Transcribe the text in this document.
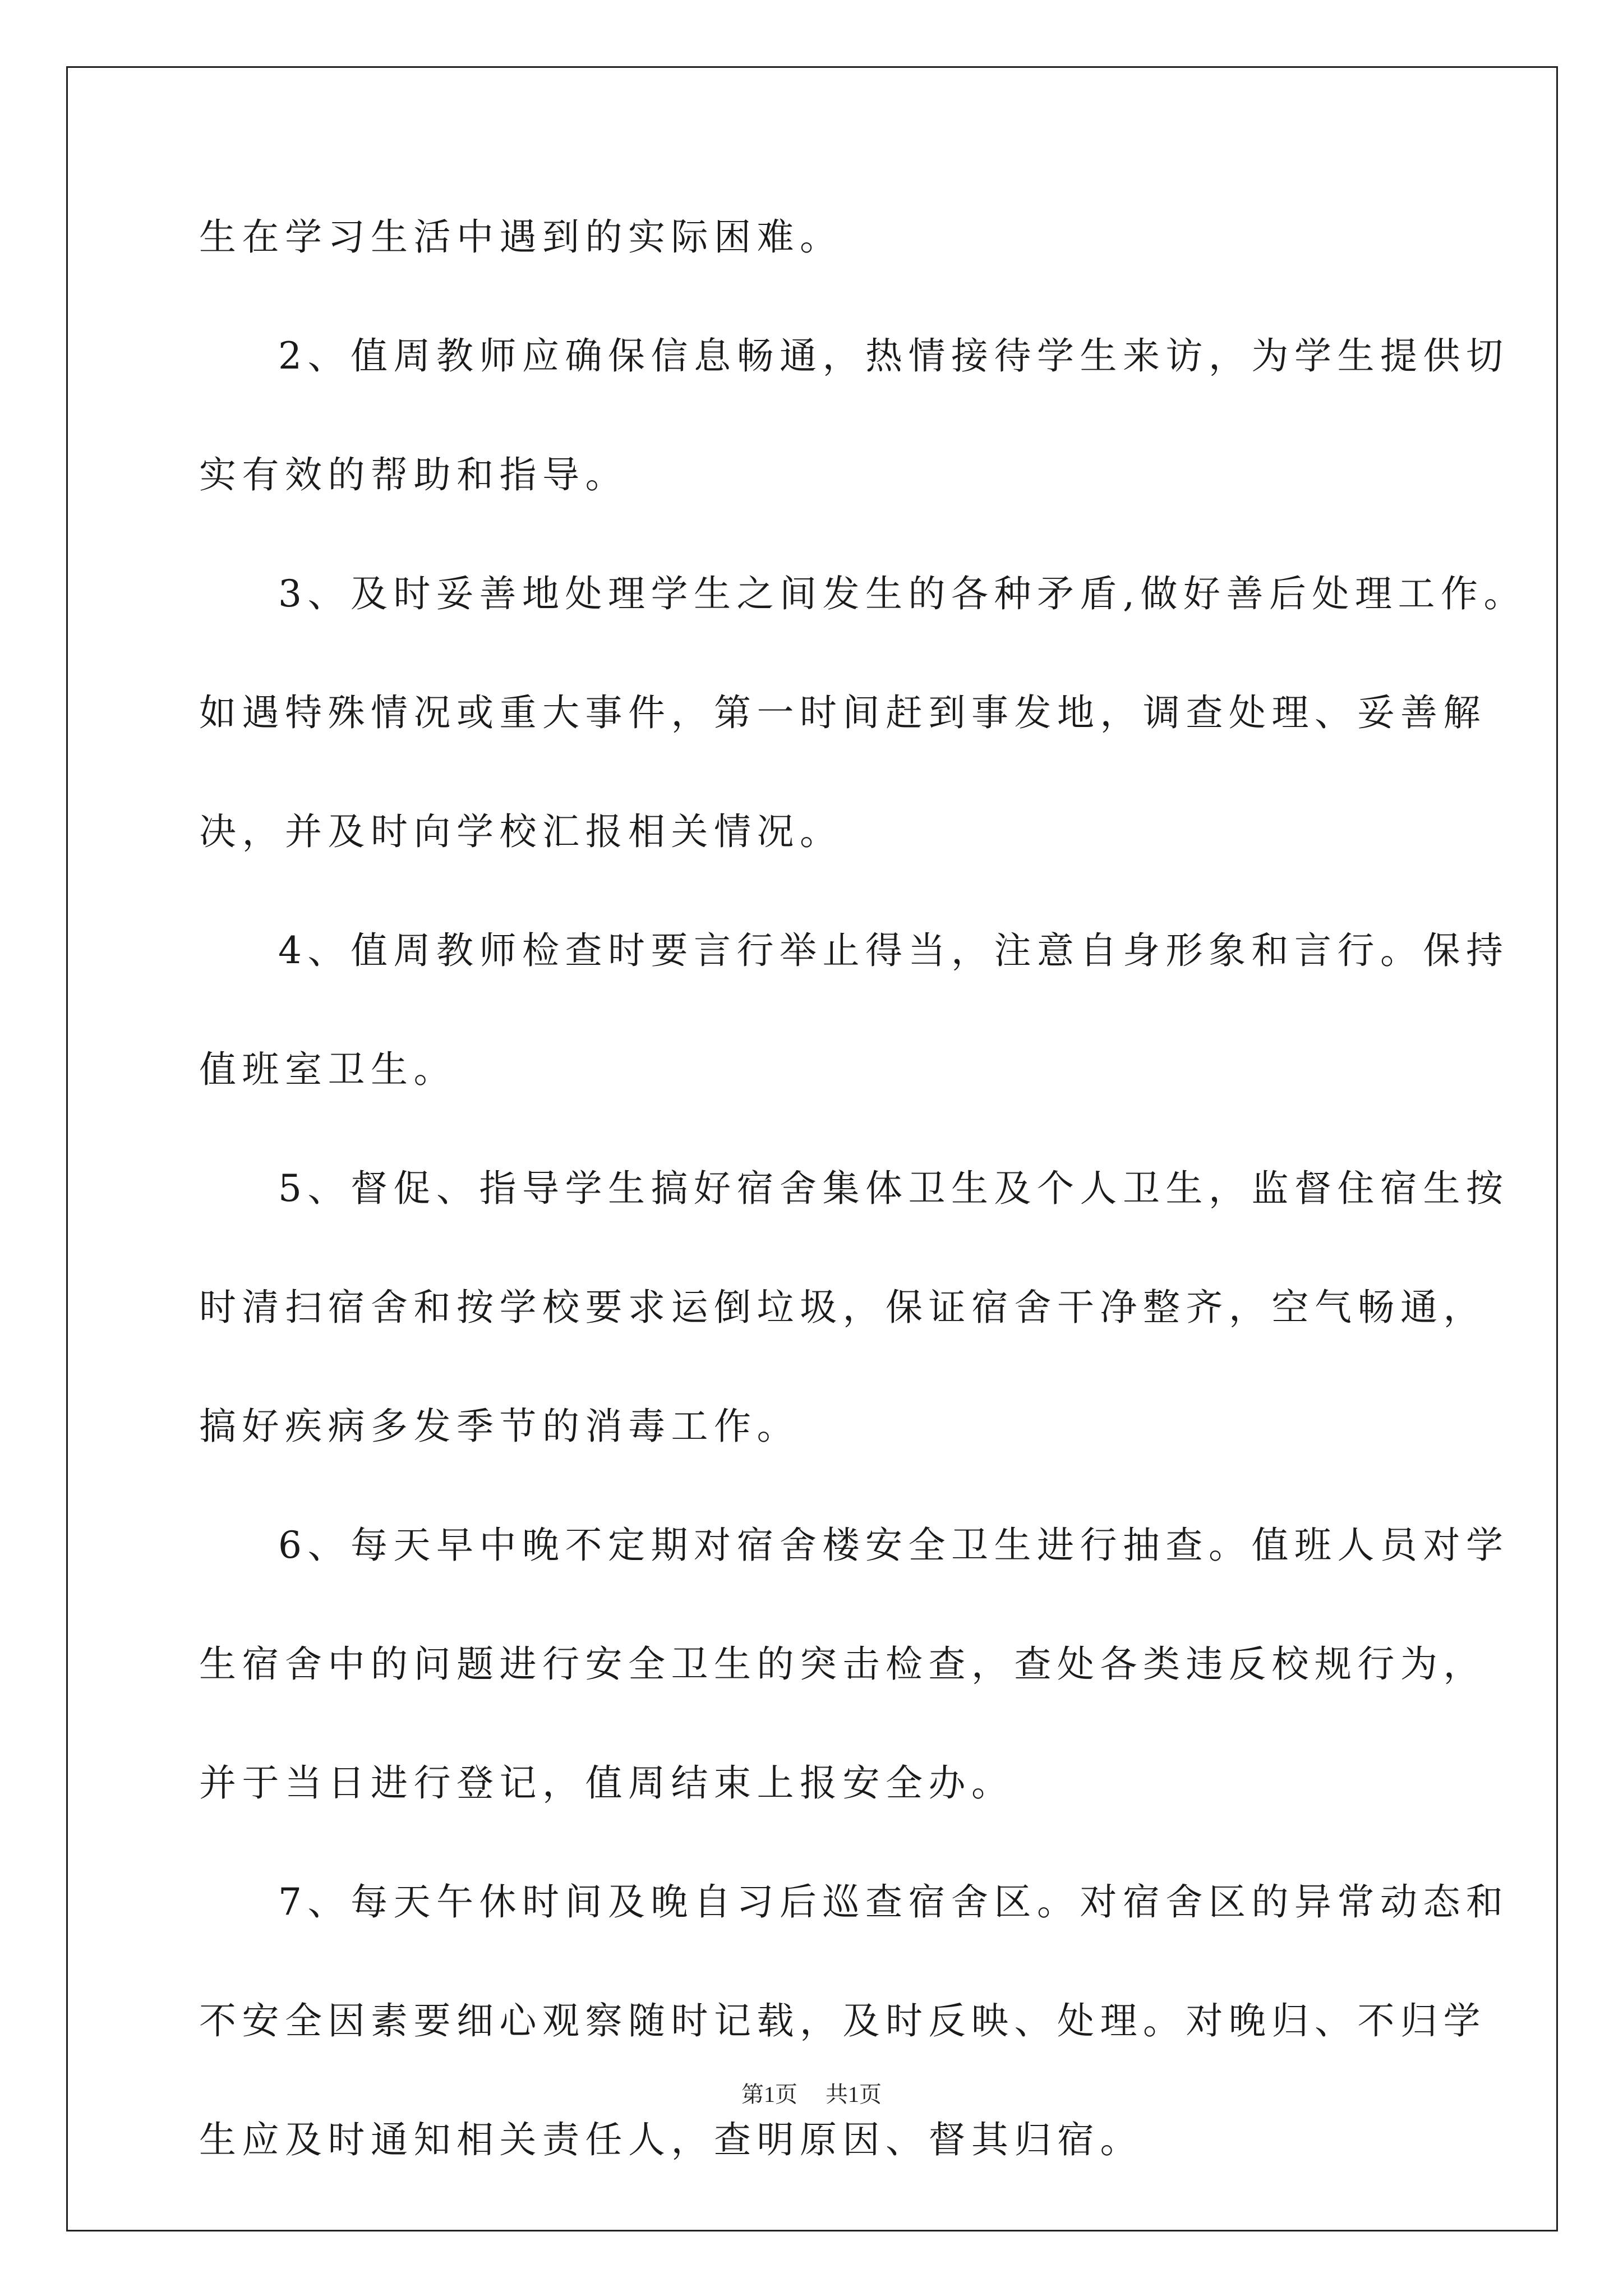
生在学习生活中遇到的实际困难。

2、值周教师应确保信息畅通，热情接待学生来访，为学生提供切

实有效的帮助和指导。

3、及时妥善地处理学生之间发生的各种矛盾,做好善后处理工作。

如遇特殊情况或重大事件，第一时间赶到事发地，调查处理、妥善解

决，并及时向学校汇报相关情况。

4、值周教师检查时要言行举止得当，注意自身形象和言行。保持

值班室卫生。

5、督促、指导学生搞好宿舍集体卫生及个人卫生，监督住宿生按

时清扫宿舍和按学校要求运倒垃圾，保证宿舍干净整齐，空气畅通，

搞好疾病多发季节的消毒工作。

6、每天早中晚不定期对宿舍楼安全卫生进行抽查。值班人员对学

生宿舍中的问题进行安全卫生的突击检查，查处各类违反校规行为，

并于当日进行登记，值周结束上报安全办。

7、每天午休时间及晚自习后巡查宿舍区。对宿舍区的异常动态和

不安全因素要细心观察随时记载，及时反映、处理。对晚归、不归学

生应及时通知相关责任人，查明原因、督其归宿。

第1页 共1页
